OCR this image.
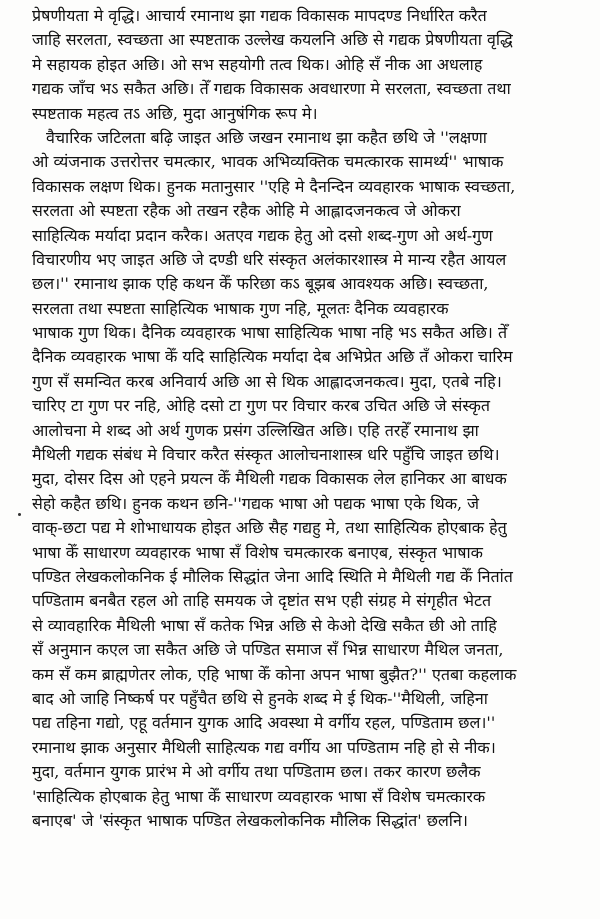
प्रेषणीयता मे वृद्धि। आचार्य रमानाथ झा गद्यक विकासक मापदण्ड निर्धारित करैत
जाहि सरलता, स्वच्छता आ स्पष्टताक उल्लेख कयलनि अछि से गद्यक प्रेषणीयता वृद्धि
मे सहायक होइत अछि। ओ सभ सहयोगी तत्व थिक। ओहि सँ नीक आ अधलाह
गद्यक जाँच भऽ सकैत अछि। तेँ गद्यक विकासक अवधारणा मे सरलता, स्वच्छता तथा
स्पष्टताक महत्व तऽ अछि, मुदा आनुषंगिक रूप मे।
वैचारिक जटिलता बढ़ि जाइत अछि जखन रमानाथ झा कहैत छथि जे ''लक्षणा
ओ व्यंजनाक उत्तरोत्तर चमत्कार, भावक अभिव्यक्तिक चमत्कारक सामर्थ्य'' भाषाक
विकासक लक्षण थिक। हुनक मतानुसार ''एहि मे दैनन्दिन व्यवहारक भाषाक स्वच्छता,
सरलता ओ स्पष्टता रहैक ओ तखन रहैक ओहि मे आह्लादजनकत्व जे ओकरा
साहित्यिक मर्यादा प्रदान करैक। अतएव गद्यक हेतु ओ दसो शब्द-गुण ओ अर्थ-गुण
विचारणीय भए जाइत अछि जे दण्डी धरि संस्कृत अलंकारशास्त्र मे मान्य रहैत आयल
छल।'' रमानाथ झाक एहि कथन केँ फरिछा कऽ बूझब आवश्यक अछि। स्वच्छता,
सरलता तथा स्पष्टता साहित्यिक भाषाक गुण नहि, मूलतः दैनिक व्यवहारक
भाषाक गुण थिक। दैनिक व्यवहारक भाषा साहित्यिक भाषा नहि भऽ सकैत अछि। तेँ
दैनिक व्यवहारक भाषा केँ यदि साहित्यिक मर्यादा देब अभिप्रेत अछि तँ ओकरा चारिम
गुण सँ समन्वित करब अनिवार्य अछि आ से थिक आह्लादजनकत्व। मुदा, एतबे नहि।
चारिए टा गुण पर नहि, ओहि दसो टा गुण पर विचार करब उचित अछि जे संस्कृत
आलोचना मे शब्द ओ अर्थ गुणक प्रसंग उल्लिखित अछि। एहि तरहेँ रमानाथ झा
मैथिली गद्यक संबंध मे विचार करैत संस्कृत आलोचनाशास्त्र धरि पहुँचि जाइत छथि।
मुदा, दोसर दिस ओ एहने प्रयत्न केँ मैथिली गद्यक विकासक लेल हानिकर आ बाधक
सेहो कहैत छथि। हुनक कथन छनि-''गद्यक भाषा ओ पद्यक भाषा एके थिक, जे
वाक्-छटा पद्य मे शोभाधायक होइत अछि सैह गद्यहु मे, तथा साहित्यिक होएबाक हेतु
भाषा केँ साधारण व्यवहारक भाषा सँ विशेष चमत्कारक बनाएब, संस्कृत भाषाक
पण्डित लेखकलोकनिक ई मौलिक सिद्धांत जेना आदि स्थिति मे मैथिली गद्य केँ नितांत
पण्डिताम बनबैत रहल ओ ताहि समयक जे दृष्टांत सभ एही संग्रह मे संगृहीत भेटत
से व्यावहारिक मैथिली भाषा सँ कतेक भिन्न अछि से केओ देखि सकैत छी ओ ताहि
सँ अनुमान कएल जा सकैत अछि जे पण्डित समाज सँ भिन्न साधारण मैथिल जनता,
कम सँ कम ब्राह्मणेतर लोक, एहि भाषा केँ कोना अपन भाषा बुझैत?'' एतबा कहलाक
बाद ओ जाहि निष्कर्ष पर पहुँचैत छथि से हुनके शब्द मे ई थिक-''मैथिली, जहिना
पद्य तहिना गद्यो, एहू वर्तमान युगक आदि अवस्था मे वर्गीय रहल, पण्डिताम छल।''
रमानाथ झाक अनुसार मैथिली साहित्यक गद्य वर्गीय आ पण्डिताम नहि हो से नीक।
मुदा, वर्तमान युगक प्रारंभ मे ओ वर्गीय तथा पण्डिताम छल। तकर कारण छलैक
'साहित्यिक होएबाक हेतु भाषा केँ साधारण व्यवहारक भाषा सँ विशेष चमत्कारक
बनाएब' जे 'संस्कृत भाषाक पण्डित लेखकलोकनिक मौलिक सिद्धांत' छलनि।
